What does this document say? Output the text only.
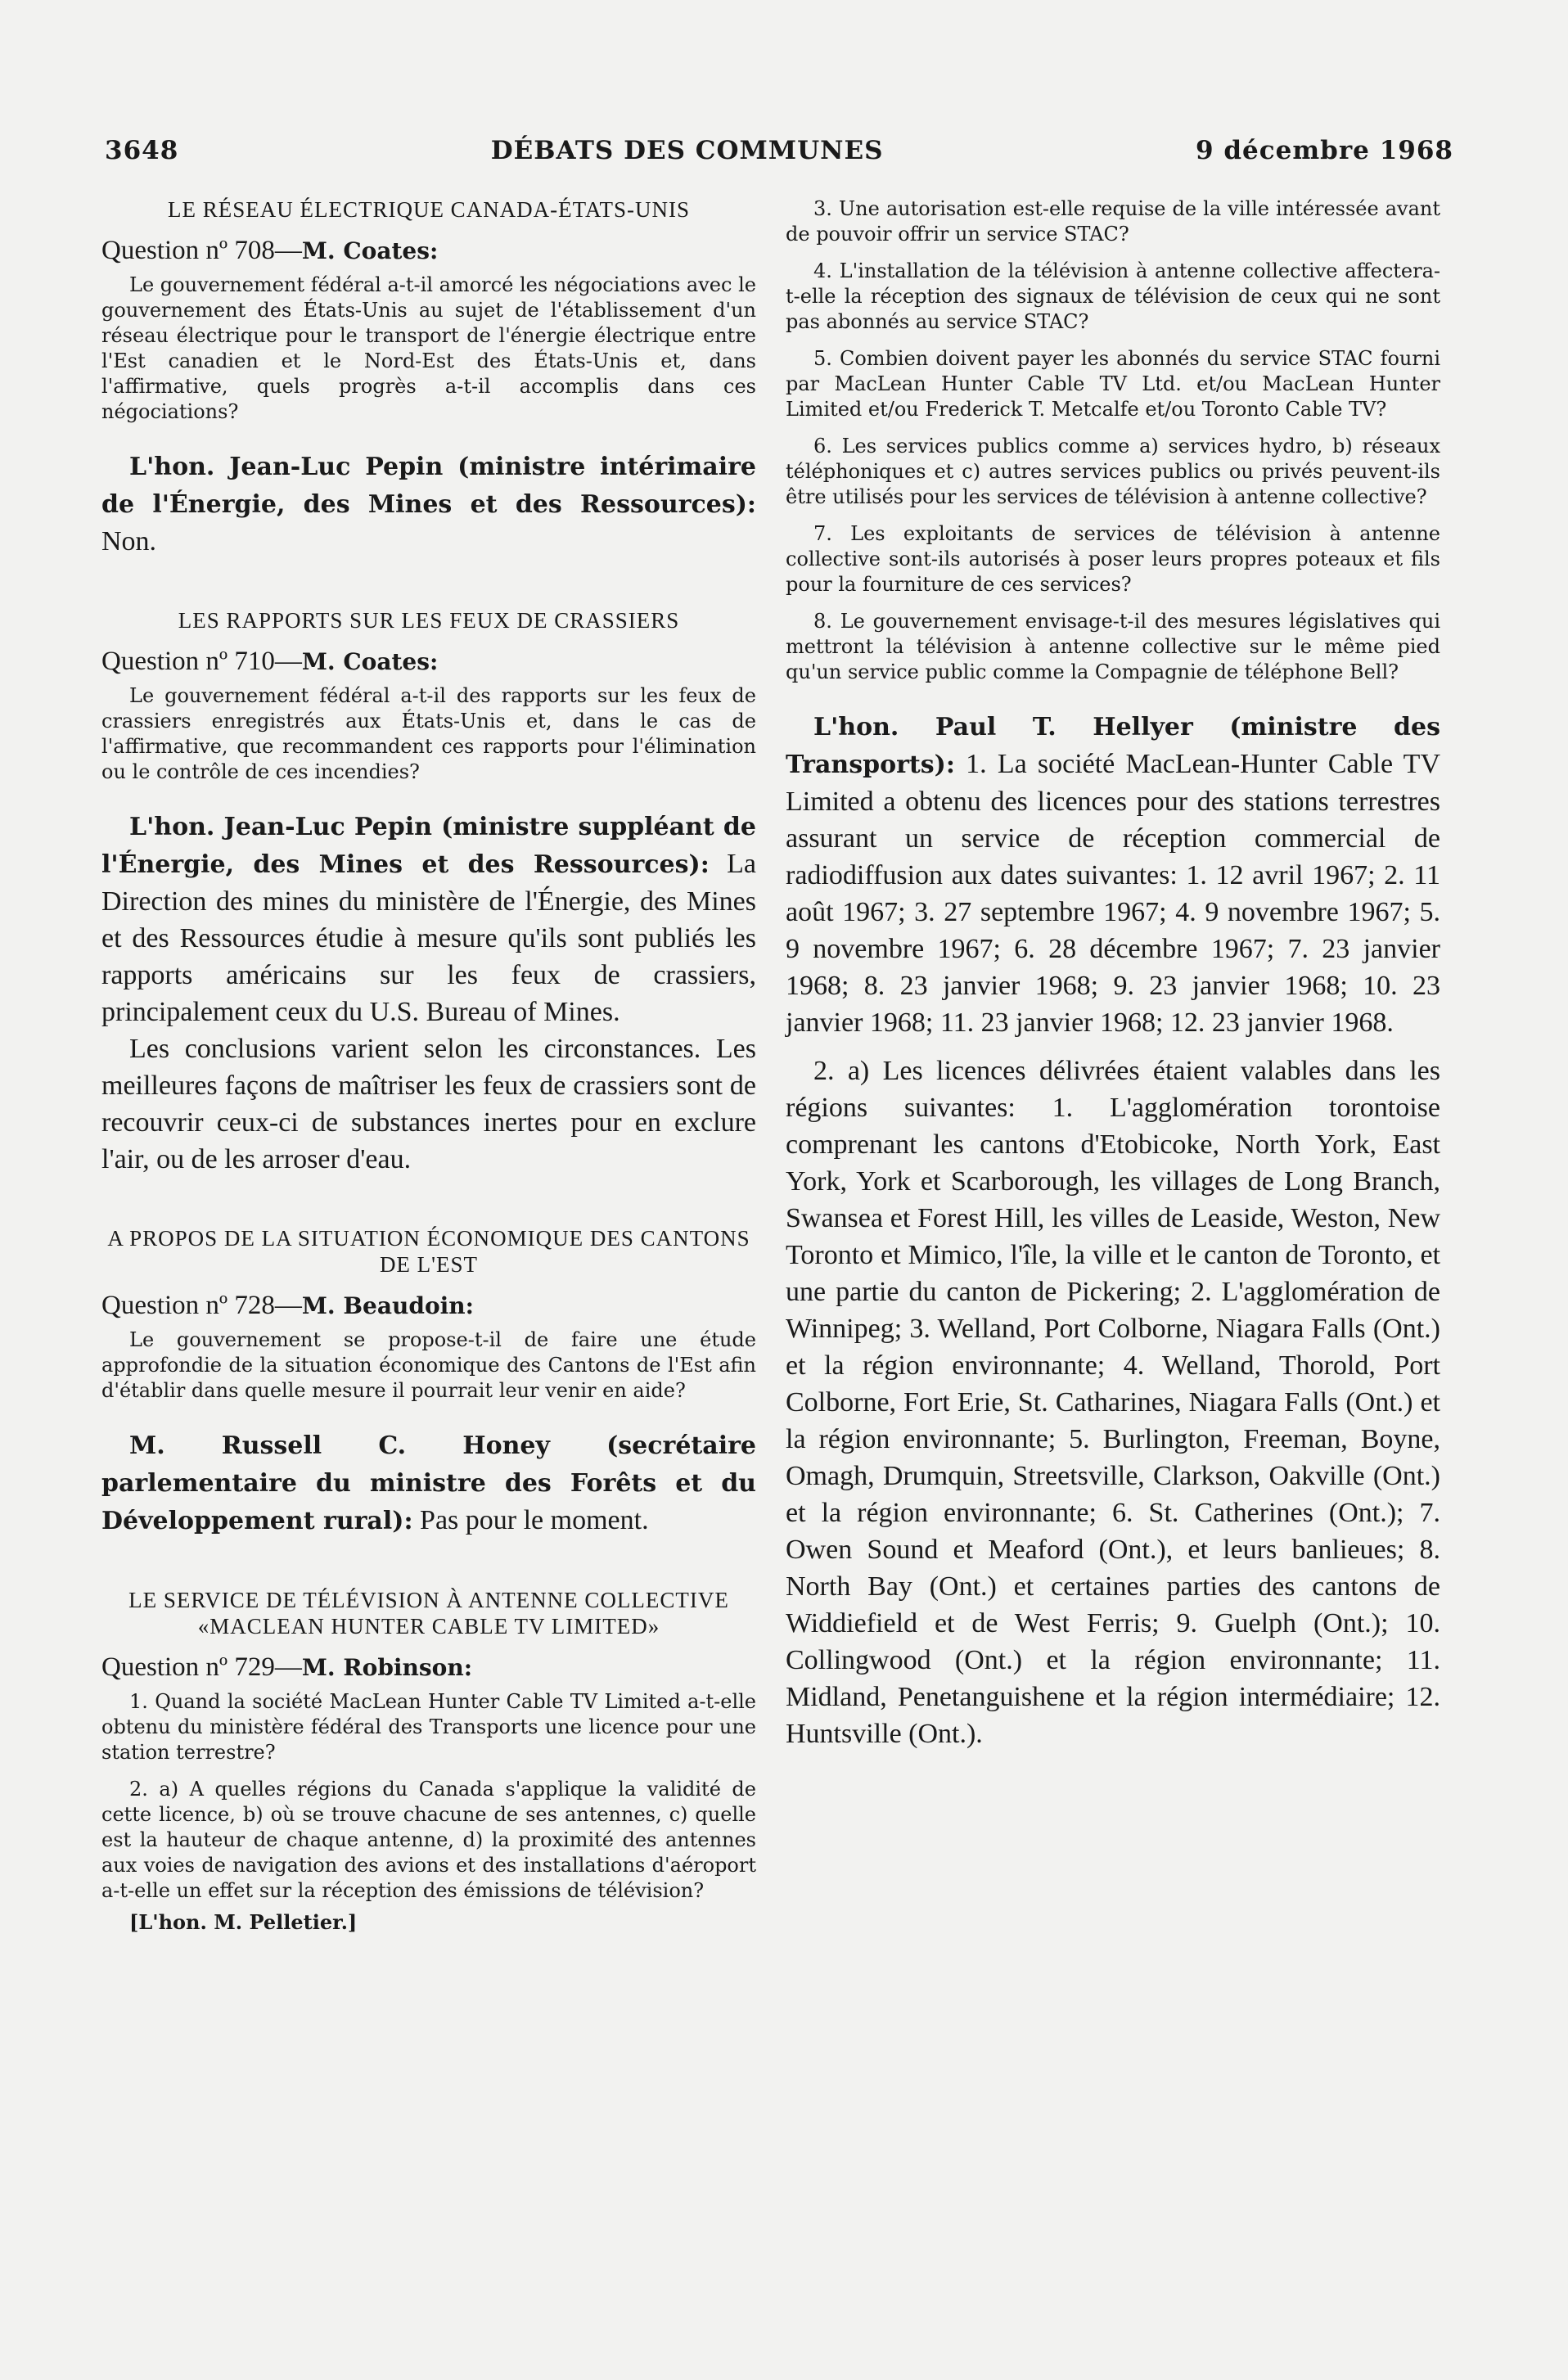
3648	DÉBATS DES COMMUNES	9 décembre 1968

LE RÉSEAU ÉLECTRIQUE CANADA-ÉTATS-UNIS

Question nº 708—M. Coates:

Le gouvernement fédéral a-t-il amorcé les négociations avec le gouvernement des États-Unis au sujet de l'établissement d'un réseau électrique pour le transport de l'énergie électrique entre l'Est canadien et le Nord-Est des États-Unis et, dans l'affirmative, quels progrès a-t-il accomplis dans ces négociations?

L'hon. Jean-Luc Pepin (ministre intérimaire de l'Énergie, des Mines et des Ressources): Non.

LES RAPPORTS SUR LES FEUX DE CRASSIERS

Question nº 710—M. Coates:

Le gouvernement fédéral a-t-il des rapports sur les feux de crassiers enregistrés aux États-Unis et, dans le cas de l'affirmative, que recommandent ces rapports pour l'élimination ou le contrôle de ces incendies?

L'hon. Jean-Luc Pepin (ministre suppléant de l'Énergie, des Mines et des Ressources): La Direction des mines du ministère de l'Énergie, des Mines et des Ressources étudie à mesure qu'ils sont publiés les rapports américains sur les feux de crassiers, principalement ceux du U.S. Bureau of Mines.

Les conclusions varient selon les circonstances. Les meilleures façons de maîtriser les feux de crassiers sont de recouvrir ceux-ci de substances inertes pour en exclure l'air, ou de les arroser d'eau.

A PROPOS DE LA SITUATION ÉCONOMIQUE DES CANTONS DE L'EST

Question nº 728—M. Beaudoin:

Le gouvernement se propose-t-il de faire une étude approfondie de la situation économique des Cantons de l'Est afin d'établir dans quelle mesure il pourrait leur venir en aide?

M. Russell C. Honey (secrétaire parlementaire du ministre des Forêts et du Développement rural): Pas pour le moment.

LE SERVICE DE TÉLÉVISION À ANTENNE COLLECTIVE «MACLEAN HUNTER CABLE TV LIMITED»

Question nº 729—M. Robinson:

1. Quand la société MacLean Hunter Cable TV Limited a-t-elle obtenu du ministère fédéral des Transports une licence pour une station terrestre?

2. a) A quelles régions du Canada s'applique la validité de cette licence, b) où se trouve chacune de ses antennes, c) quelle est la hauteur de chaque antenne, d) la proximité des antennes aux voies de navigation des avions et des installations d'aéroport a-t-elle un effet sur la réception des émissions de télévision?

[L'hon. M. Pelletier.]

3. Une autorisation est-elle requise de la ville intéressée avant de pouvoir offrir un service STAC?

4. L'installation de la télévision à antenne collective affectera-t-elle la réception des signaux de télévision de ceux qui ne sont pas abonnés au service STAC?

5. Combien doivent payer les abonnés du service STAC fourni par MacLean Hunter Cable TV Ltd. et/ou MacLean Hunter Limited et/ou Frederick T. Metcalfe et/ou Toronto Cable TV?

6. Les services publics comme a) services hydro, b) réseaux téléphoniques et c) autres services publics ou privés peuvent-ils être utilisés pour les services de télévision à antenne collective?

7. Les exploitants de services de télévision à antenne collective sont-ils autorisés à poser leurs propres poteaux et fils pour la fourniture de ces services?

8. Le gouvernement envisage-t-il des mesures législatives qui mettront la télévision à antenne collective sur le même pied qu'un service public comme la Compagnie de téléphone Bell?

L'hon. Paul T. Hellyer (ministre des Transports): 1. La société MacLean-Hunter Cable TV Limited a obtenu des licences pour des stations terrestres assurant un service de réception commercial de radiodiffusion aux dates suivantes: 1. 12 avril 1967; 2. 11 août 1967; 3. 27 septembre 1967; 4. 9 novembre 1967; 5. 9 novembre 1967; 6. 28 décembre 1967; 7. 23 janvier 1968; 8. 23 janvier 1968; 9. 23 janvier 1968; 10. 23 janvier 1968; 11. 23 janvier 1968; 12. 23 janvier 1968.

2. a) Les licences délivrées étaient valables dans les régions suivantes: 1. L'agglomération torontoise comprenant les cantons d'Etobicoke, North York, East York, York et Scarborough, les villages de Long Branch, Swansea et Forest Hill, les villes de Leaside, Weston, New Toronto et Mimico, l'île, la ville et le canton de Toronto, et une partie du canton de Pickering; 2. L'agglomération de Winnipeg; 3. Welland, Port Colborne, Niagara Falls (Ont.) et la région environnante; 4. Welland, Thorold, Port Colborne, Fort Erie, St. Catharines, Niagara Falls (Ont.) et la région environnante; 5. Burlington, Freeman, Boyne, Omagh, Drumquin, Streetsville, Clarkson, Oakville (Ont.) et la région environnante; 6. St. Catherines (Ont.); 7. Owen Sound et Meaford (Ont.), et leurs banlieues; 8. North Bay (Ont.) et certaines parties des cantons de Widdiefield et de West Ferris; 9. Guelph (Ont.); 10. Collingwood (Ont.) et la région environnante; 11. Midland, Penetanguishene et la région intermédiaire; 12. Huntsville (Ont.).
